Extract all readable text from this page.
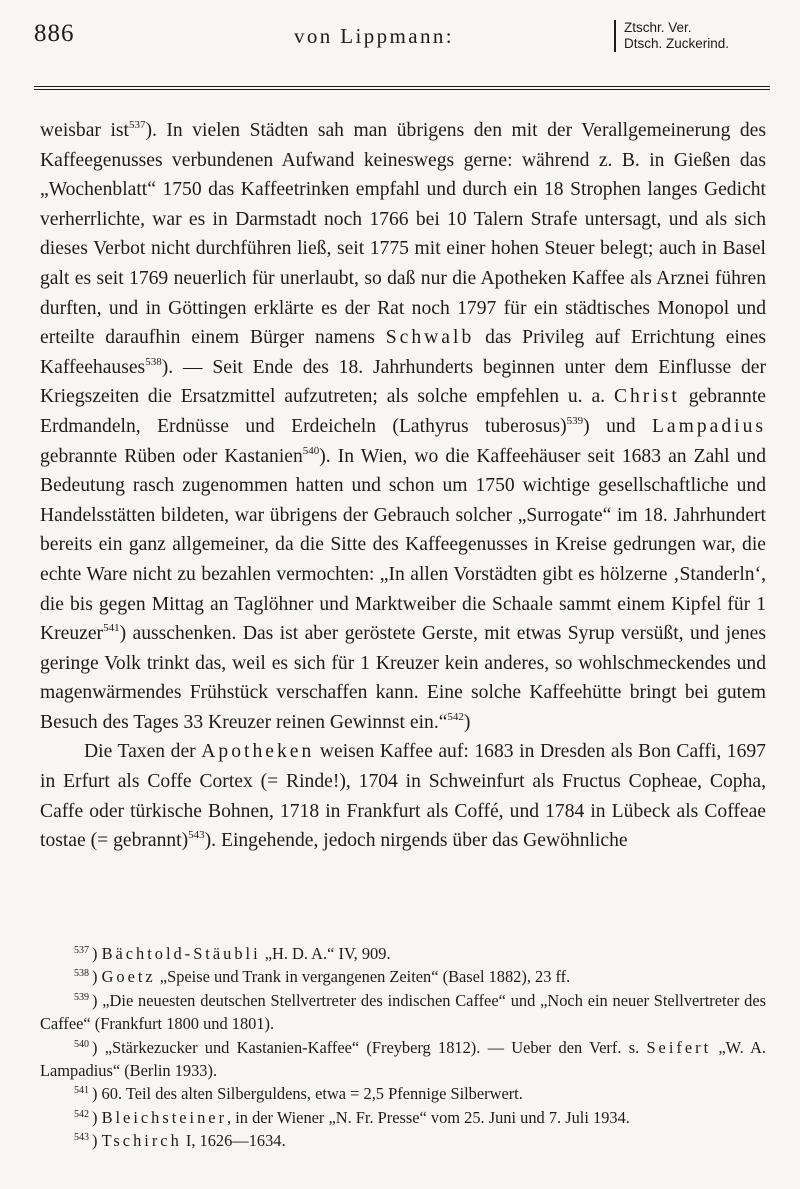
886	von Lippmann:	Ztschr. Ver.
Dtsch. Zuckerind.

weisbar ist$^{537}$). In vielen Städten sah man übrigens den mit der Verallgemeinerung des Kaffeegenusses verbundenen Aufwand keineswegs gerne: während z. B. in Gießen das „Wochenblatt“ 1750 das Kaffeetrinken empfahl und durch ein 18 Strophen langes Gedicht verherrlichte, war es in Darmstadt noch 1766 bei 10 Talern Strafe untersagt, und als sich dieses Verbot nicht durchführen ließ, seit 1775 mit einer hohen Steuer belegt; auch in Basel galt es seit 1769 neuerlich für unerlaubt, so daß nur die Apotheken Kaffee als Arznei führen durften, und in Göttingen erklärte es der Rat noch 1797 für ein städtisches Monopol und erteilte daraufhin einem Bürger namens Schwalb das Privileg auf Errichtung eines Kaffeehauses$^{538}$). — Seit Ende des 18. Jahrhunderts beginnen unter dem Einflusse der Kriegszeiten die Ersatzmittel aufzutreten; als solche empfehlen u. a. Christ gebrannte Erdmandeln, Erdnüsse und Erdeicheln (Lathyrus tuberosus)$^{539}$) und Lampadius gebrannte Rüben oder Kastanien$^{540}$). In Wien, wo die Kaffeehäuser seit 1683 an Zahl und Bedeutung rasch zugenommen hatten und schon um 1750 wichtige gesellschaftliche und Handelsstätten bildeten, war übrigens der Gebrauch solcher „Surrogate“ im 18. Jahrhundert bereits ein ganz allgemeiner, da die Sitte des Kaffeegenusses in Kreise gedrungen war, die echte Ware nicht zu bezahlen vermochten: „In allen Vorstädten gibt es hölzerne ‚Standerln‘, die bis gegen Mittag an Taglöhner und Marktweiber die Schaale sammt einem Kipfel für 1 Kreuzer$^{541}$) ausschenken. Das ist aber geröstete Gerste, mit etwas Syrup versüßt, und jenes geringe Volk trinkt das, weil es sich für 1 Kreuzer kein anderes, so wohlschmeckendes und magenwärmendes Frühstück verschaffen kann. Eine solche Kaffeehütte bringt bei gutem Besuch des Tages 33 Kreuzer reinen Gewinnst ein.“$^{542}$)

Die Taxen der Apotheken weisen Kaffee auf: 1683 in Dresden als Bon Caffi, 1697 in Erfurt als Coffe Cortex (= Rinde!), 1704 in Schweinfurt als Fructus Copheae, Copha, Caffe oder türkische Bohnen, 1718 in Frankfurt als Coffé, und 1784 in Lübeck als Coffeae tostae (= gebrannt)$^{543}$). Eingehende, jedoch nirgends über das Gewöhnliche

$^{537}$ ) Bächtold-Stäubli „H. D. A.“ IV, 909.

$^{538}$ ) Goetz „Speise und Trank in vergangenen Zeiten“ (Basel 1882), 23 ff.

$^{539}$ ) „Die neuesten deutschen Stellvertreter des indischen Caffee“ und „Noch ein neuer Stellvertreter des Caffee“ (Frankfurt 1800 und 1801).

$^{540}$ ) „Stärkezucker und Kastanien-Kaffee“ (Freyberg 1812). — Ueber den Verf. s. Seifert „W. A. Lampadius“ (Berlin 1933).

$^{541}$ ) 60. Teil des alten Silberguldens, etwa = 2,5 Pfennige Silberwert.

$^{542}$ ) Bleichsteiner, in der Wiener „N. Fr. Presse“ vom 25. Juni und 7. Juli 1934.

$^{543}$ ) Tschirch I, 1626—1634.
